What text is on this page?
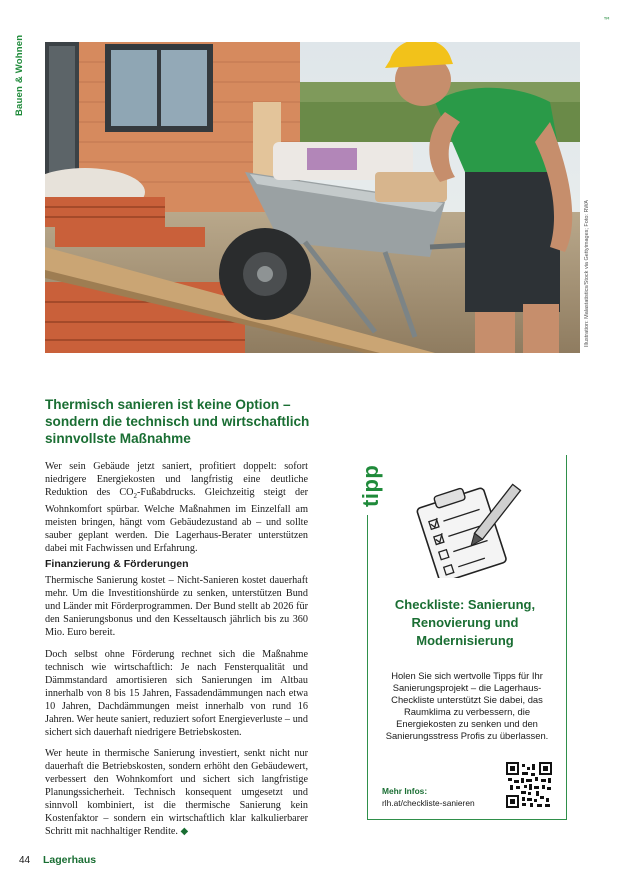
™
Bauen & Wohnen
Illustration: Malastatistics/Stock via Gettyimages; Foto: RWA
Thermisch sanieren ist keine Option – sondern die technisch und wirtschaftlich sinnvollste Maßnahme

Wer sein Gebäude jetzt saniert, profitiert doppelt: sofort niedrigere Energiekosten und langfristig eine deutliche Reduktion des $CO_2$-Fußabdrucks. Gleichzeitig steigt der Wohnkomfort spürbar. Welche Maßnahmen im Einzelfall am meisten bringen, hängt vom Gebäudezustand ab – und sollte sauber geplant werden. Die Lagerhaus-Berater unterstützen dabei mit Fachwissen und Erfahrung.

Finanzierung & Förderungen

Thermische Sanierung kostet – Nicht-Sanieren kostet dauerhaft mehr. Um die Investitionshürde zu senken, unterstützen Bund und Länder mit Förderprogrammen. Der Bund stellt ab 2026 für den Sanierungsbonus und den Kesseltausch jährlich bis zu 360 Mio. Euro bereit.

Doch selbst ohne Förderung rechnet sich die Maßnahme technisch wie wirtschaftlich: Je nach Fensterqualität und Dämmstandard amortisieren sich Sanierungen im Altbau innerhalb von 8 bis 15 Jahren, Fassadendämmungen nach etwa 10 Jahren, Dachdämmungen meist innerhalb von rund 16 Jahren. Wer heute saniert, reduziert sofort Energieverluste – und sichert sich dauerhaft niedrigere Betriebskosten.

Wer heute in thermische Sanierung investiert, senkt nicht nur dauerhaft die Betriebskosten, sondern erhöht den Gebäudewert, verbessert den Wohnkomfort und sichert sich langfristige Planungssicherheit. Technisch konsequent umgesetzt und sinnvoll kombiniert, ist die thermische Sanierung kein Kostenfaktor – sondern ein wirtschaftlich klar kalkulierbarer Schritt mit nachhaltiger Rendite. ◆

tipp
Checkliste: Sanierung, Renovierung und Modernisierung

Holen Sie sich wertvolle Tipps für Ihr Sanierungsprojekt – die Lagerhaus-Checkliste unterstützt Sie dabei, das Raumklima zu verbessern, die Energiekosten zu senken und den Sanierungsstress Profis zu überlassen.

Mehr Infos:
rlh.at/checkliste-sanieren
44 Lagerhaus
